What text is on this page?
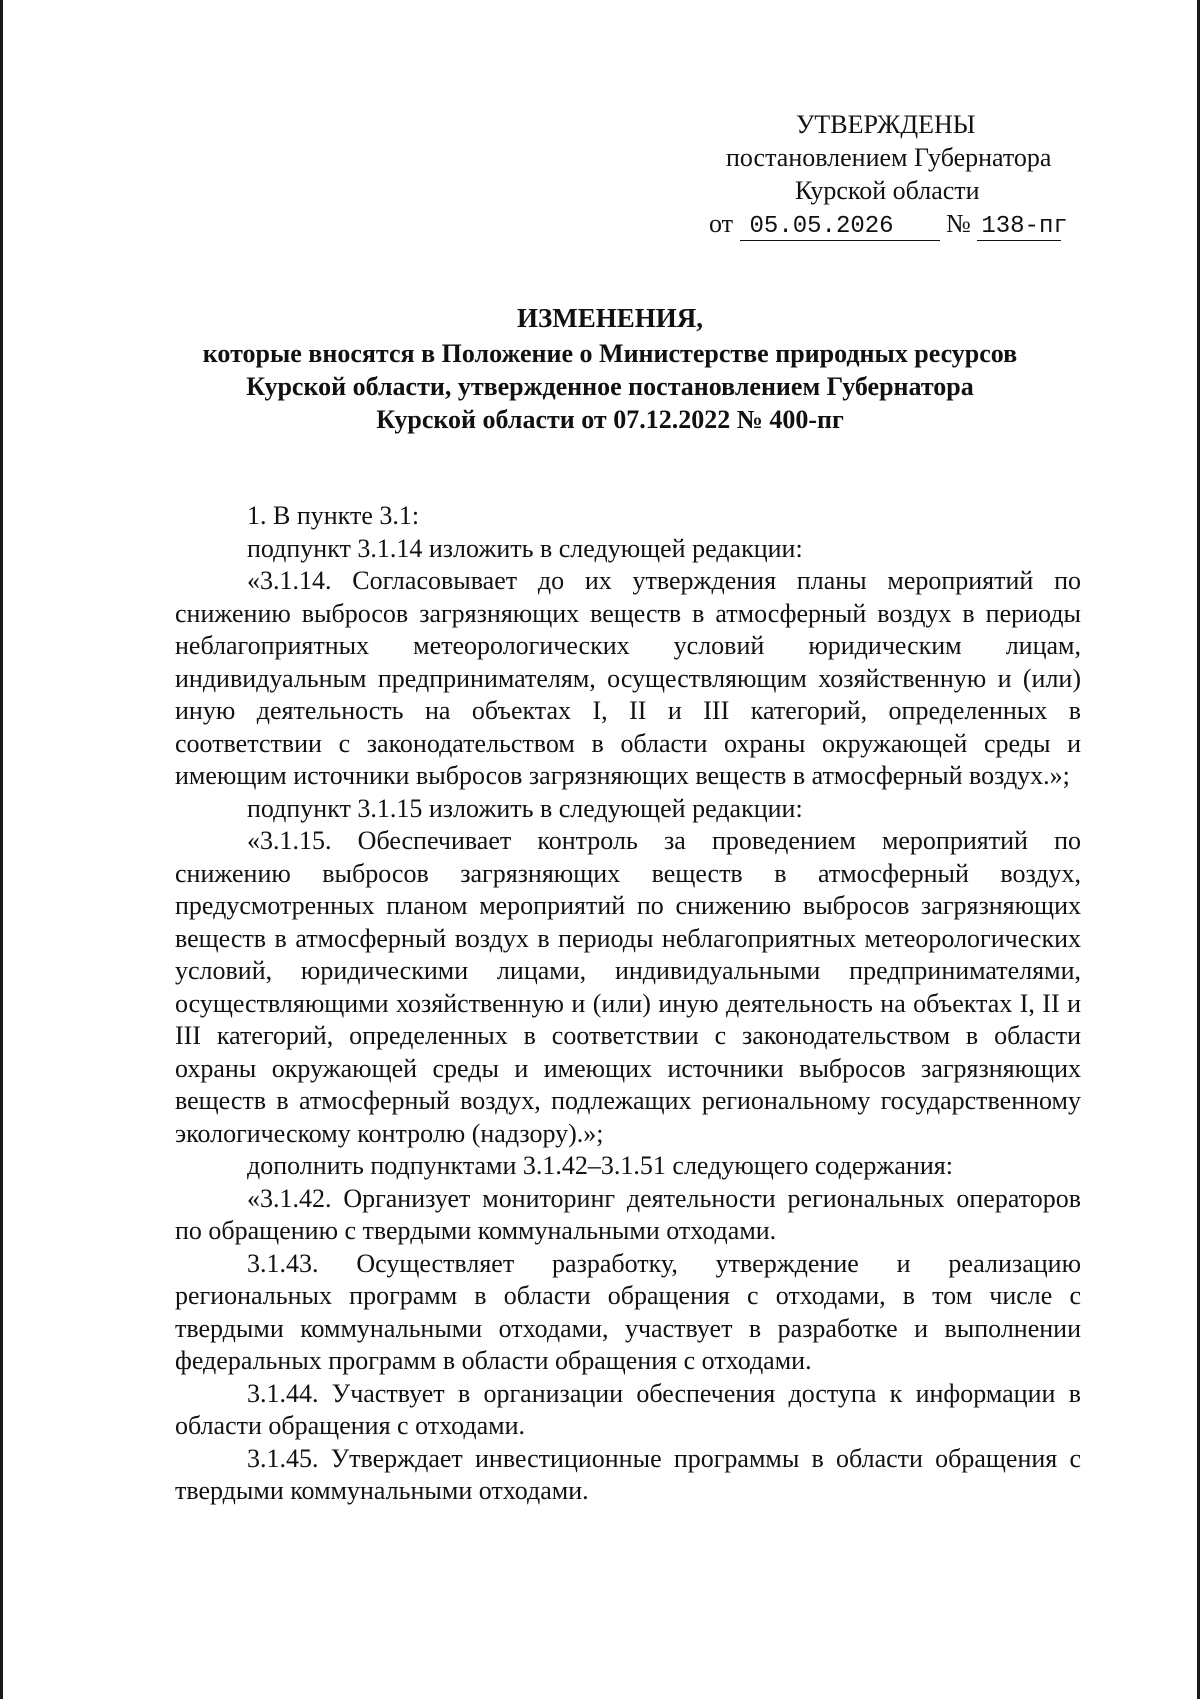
УТВЕРЖДЕНЫ
постановлением Губернатора
Курской области
от 05.05.2026 № 138-пг
ИЗМЕНЕНИЯ,
которые вносятся в Положение о Министерстве природных ресурсов
Курской области, утвержденное постановлением Губернатора
Курской области от 07.12.2022 № 400-пг
1. В пункте 3.1:
подпункт 3.1.14 изложить в следующей редакции:
«3.1.14. Согласовывает до их утверждения планы мероприятий по снижению выбросов загрязняющих веществ в атмосферный воздух в периоды неблагоприятных метеорологических условий юридическим лицам, индивидуальным предпринимателям, осуществляющим хозяйственную и (или) иную деятельность на объектах I, II и III категорий, определенных в соответствии с законодательством в области охраны окружающей среды и имеющим источники выбросов загрязняющих веществ в атмосферный воздух.»;
подпункт 3.1.15 изложить в следующей редакции:
«3.1.15. Обеспечивает контроль за проведением мероприятий по снижению выбросов загрязняющих веществ в атмосферный воздух, предусмотренных планом мероприятий по снижению выбросов загрязняющих веществ в атмосферный воздух в периоды неблагоприятных метеорологических условий, юридическими лицами, индивидуальными предпринимателями, осуществляющими хозяйственную и (или) иную деятельность на объектах I, II и III категорий, определенных в соответствии с законодательством в области охраны окружающей среды и имеющих источники выбросов загрязняющих веществ в атмосферный воздух, подлежащих региональному государственному экологическому контролю (надзору).»;
дополнить подпунктами 3.1.42–3.1.51 следующего содержания:
«3.1.42. Организует мониторинг деятельности региональных операторов по обращению с твердыми коммунальными отходами.
3.1.43. Осуществляет разработку, утверждение и реализацию региональных программ в области обращения с отходами, в том числе с твердыми коммунальными отходами, участвует в разработке и выполнении федеральных программ в области обращения с отходами.
3.1.44. Участвует в организации обеспечения доступа к информации в области обращения с отходами.
3.1.45. Утверждает инвестиционные программы в области обращения с твердыми коммунальными отходами.
